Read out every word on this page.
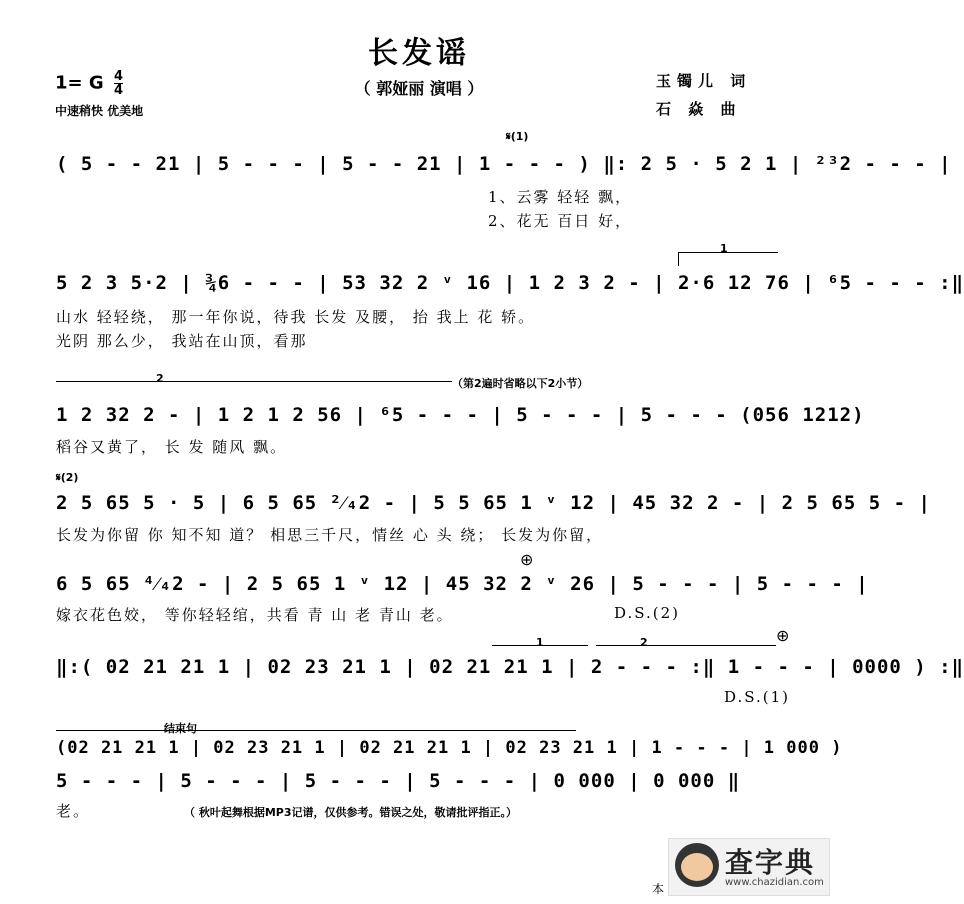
长发谣
（ 郭娅丽 演唱 ）
1= G $\frac{4}{4}$
中速稍快 优美地
玉镯儿 词
石 焱 曲
𝄋(1)
( 5 - - 21 | 5 - - - | 5 - - 21 | 1 - - - ) ‖: 2 5 · 5 2 1 | ²³2 - - - |
1、云雾 轻轻 飘，
2、花无 百日 好，
1
5 2 3 5·2 | ¾6 - - - | 53 32 2 ᵛ 16 | 1 2 3 2 - | 2·6 12 76 | ⁶5 - - - :‖
山水 轻轻绕， 那一年你说，待我 长发 及腰， 抬 我上 花 轿。
光阴 那么少， 我站在山顶，看那
2	（第2遍时省略以下2小节）
1 2 32 2 - | 1 2 1 2 56 | ⁶5 - - - | 5 - - - | 5 - - - (056 1212)
稻谷又黄了， 长 发 随风 飘。
𝄋(2)
2 5 65 5 · 5 | 6 5 65 ²⁄₄2 - | 5 5 65 1 ᵛ 12 | 45 32 2 - | 2 5 65 5 - |
长发为你留 你 知不知 道？ 相思三千尺，情丝 心 头 绕； 长发为你留，
⊕
6 5 65 ⁴⁄₄2 - | 2 5 65 1 ᵛ 12 | 45 32 2 ᵛ 26 | 5 - - - | 5 - - - |
嫁衣花色姣， 等你轻轻绾，共看 青 山 老 青山 老。	D.S.(2)
1	2	⊕
‖:( 02 21 21 1 | 02 23 21 1 | 02 21 21 1 | 2 - - - :‖ 1 - - - | 0000 ) :‖
D.S.(1)
结束句
(02 21 21 1 | 02 23 21 1 | 02 21 21 1 | 02 23 21 1 | 1 - - - | 1 000 )
5 - - - | 5 - - - | 5 - - - | 5 - - - | 0 000 | 0 000 ‖
老。	（ 秋叶起舞根据MP3记谱，仅供参考。错误之处，敬请批评指正。）
本
查字典
www.chazidian.com
